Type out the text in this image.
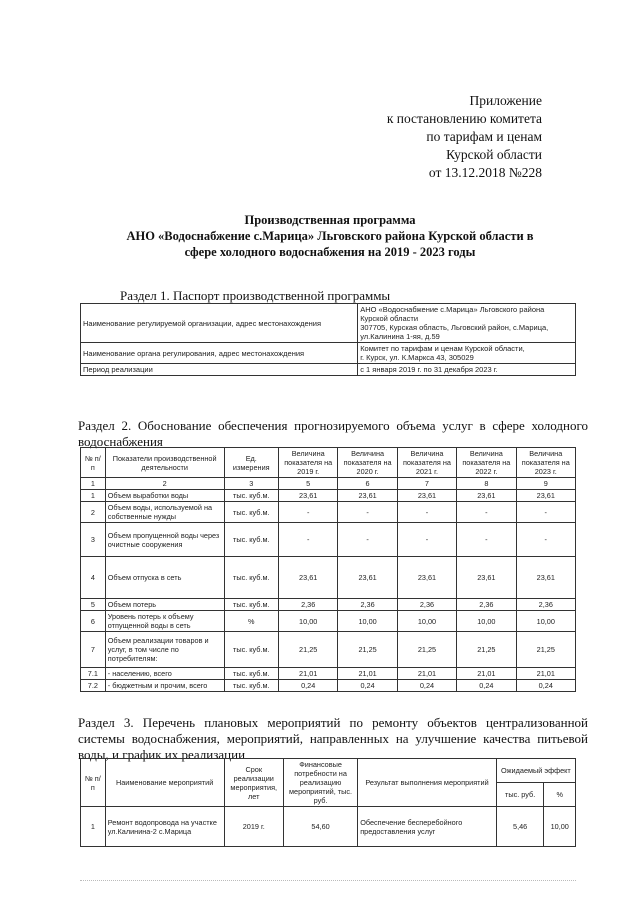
Приложение
к постановлению комитета
по тарифам и ценам
Курской области
от 13.12.2018 №228
Производственная программа
АНО «Водоснабжение с.Марица» Льговского района Курской области в
сфере холодного водоснабжения на 2019 - 2023 годы
Раздел 1. Паспорт производственной программы
Наименование регулируемой организации, адрес местонахождения	АНО «Водоснабжение с.Марица» Льговского района
Курской области
307705, Курская область, Льговский район, с.Марица,
ул.Калинина 1-яя, д.59

Наименование органа регулирования, адрес местонахождения	Комитет по тарифам и ценам Курской области,
г. Курск, ул. К.Маркса 43, 305029

Период реализации	с 1 января 2019 г. по 31 декабря 2023 г.
Раздел 2. Обоснование обеспечения прогнозируемого объема услуг в сфере холодного водоснабжения
№ п/п	Показатели производственной деятельности	Ед. измерения	Величина показателя на 2019 г.	Величина показателя на 2020 г.	Величина показателя на 2021 г.	Величина показателя на 2022 г.	Величина показателя на 2023 г.
1	2	3	5	6	7	8	9
1	Объем выработки воды	тыс. куб.м.	23,61	23,61	23,61	23,61	23,61
2	Объем воды, используемой на собственные нужды	тыс. куб.м.	-	-	-	-	-
3	Объем пропущенной воды через очистные сооружения	тыс. куб.м.	-	-	-	-	-
4	Объем отпуска в сеть	тыс. куб.м.	23,61	23,61	23,61	23,61	23,61
5	Объем потерь	тыс. куб.м.	2,36	2,36	2,36	2,36	2,36
6	Уровень потерь к объему отпущенной воды в сеть	%	10,00	10,00	10,00	10,00	10,00
7	Объем реализации товаров и услуг, в том числе по потребителям:	тыс. куб.м.	21,25	21,25	21,25	21,25	21,25
7.1	- населению, всего	тыс. куб.м.	21,01	21,01	21,01	21,01	21,01
7.2	- бюджетным и прочим, всего	тыс. куб.м.	0,24	0,24	0,24	0,24	0,24
Раздел 3. Перечень плановых мероприятий по ремонту объектов централизованной системы водоснабжения, мероприятий, направленных на улучшение качества питьевой воды, и график их реализации
№ п/п	Наименование мероприятий	Срок реализации мероприятия, лет	Финансовые потребности на реализацию мероприятий, тыс. руб.	Результат выполнения мероприятий	Ожидаемый эффект	
					тыс. руб.	%
1	Ремонт водопровода на участке ул.Калинина-2 с.Марица	2019 г.	54,60	Обеспечение бесперебойного предоставления услуг	5,46	10,00
